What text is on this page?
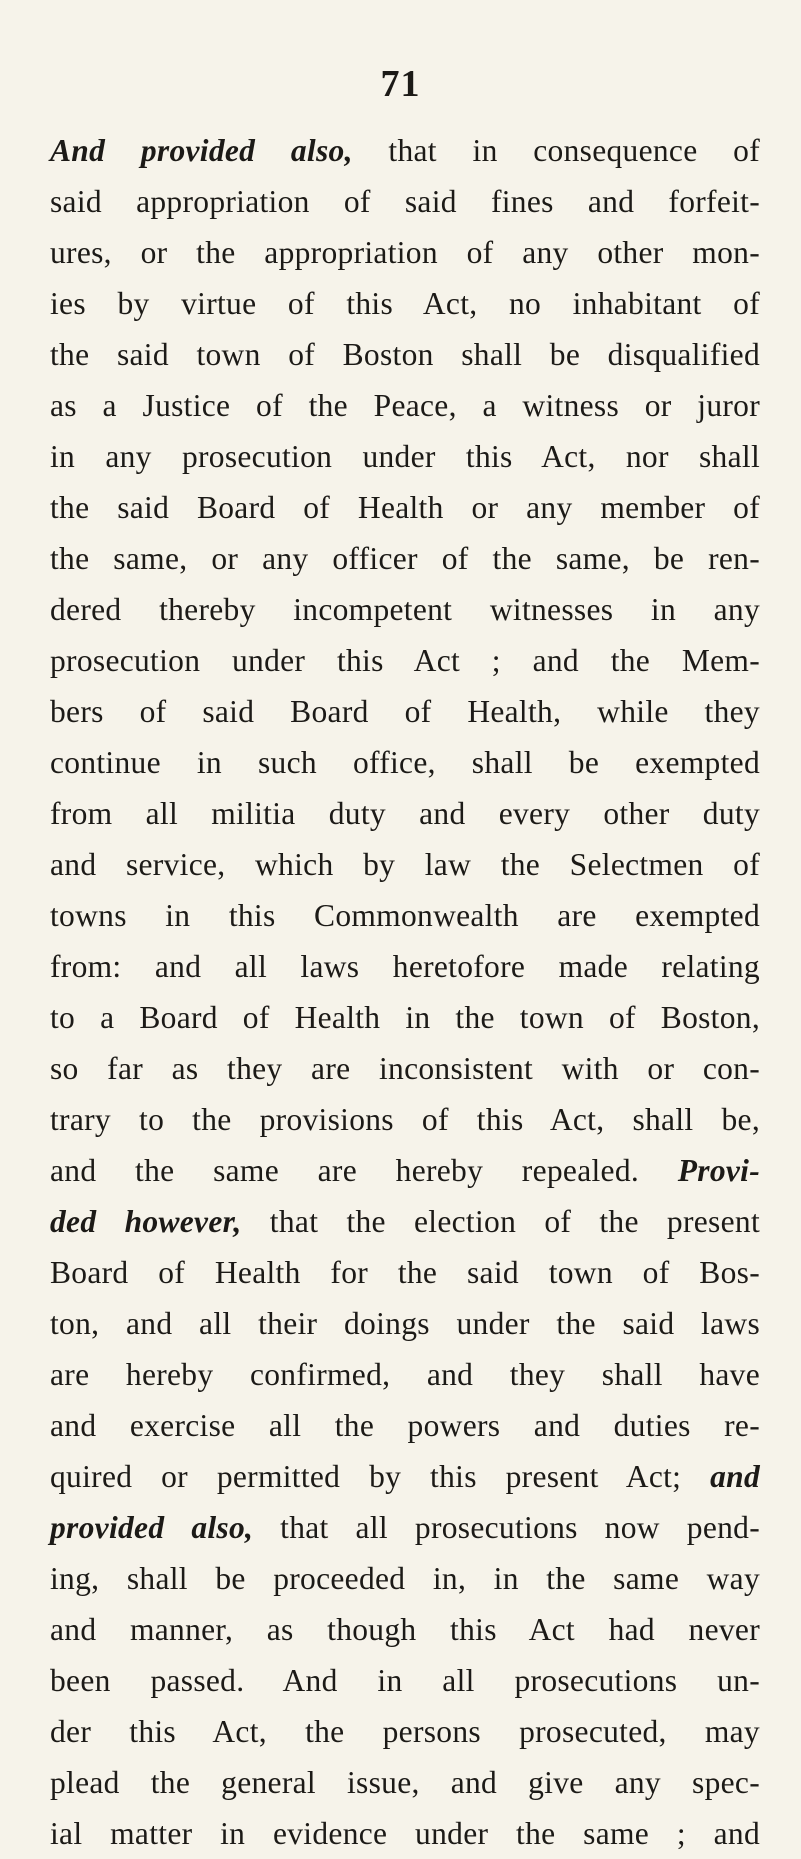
71
And provided also, that in consequence of
said appropriation of said fines and forfeit-
ures, or the appropriation of any other mon-
ies by virtue of this Act, no inhabitant of
the said town of Boston shall be disqualified
as a Justice of the Peace, a witness or juror
in any prosecution under this Act, nor shall
the said Board of Health or any member of
the same, or any officer of the same, be ren-
dered thereby incompetent witnesses in any
prosecution under this Act ; and the Mem-
bers of said Board of Health, while they
continue in such office, shall be exempted
from all militia duty and every other duty
and service, which by law the Selectmen of
towns in this Commonwealth are exempted
from: and all laws heretofore made relating
to a Board of Health in the town of Boston,
so far as they are inconsistent with or con-
trary to the provisions of this Act, shall be,
and the same are hereby repealed. Provi-
ded however, that the election of the present
Board of Health for the said town of Bos-
ton, and all their doings under the said laws
are hereby confirmed, and they shall have
and exercise all the powers and duties re-
quired or permitted by this present Act; and
provided also, that all prosecutions now pend-
ing, shall be proceeded in, in the same way
and manner, as though this Act had never
been passed. And in all prosecutions un-
der this Act, the persons prosecuted, may
plead the general issue, and give any spec-
ial matter in evidence under the same ; and
